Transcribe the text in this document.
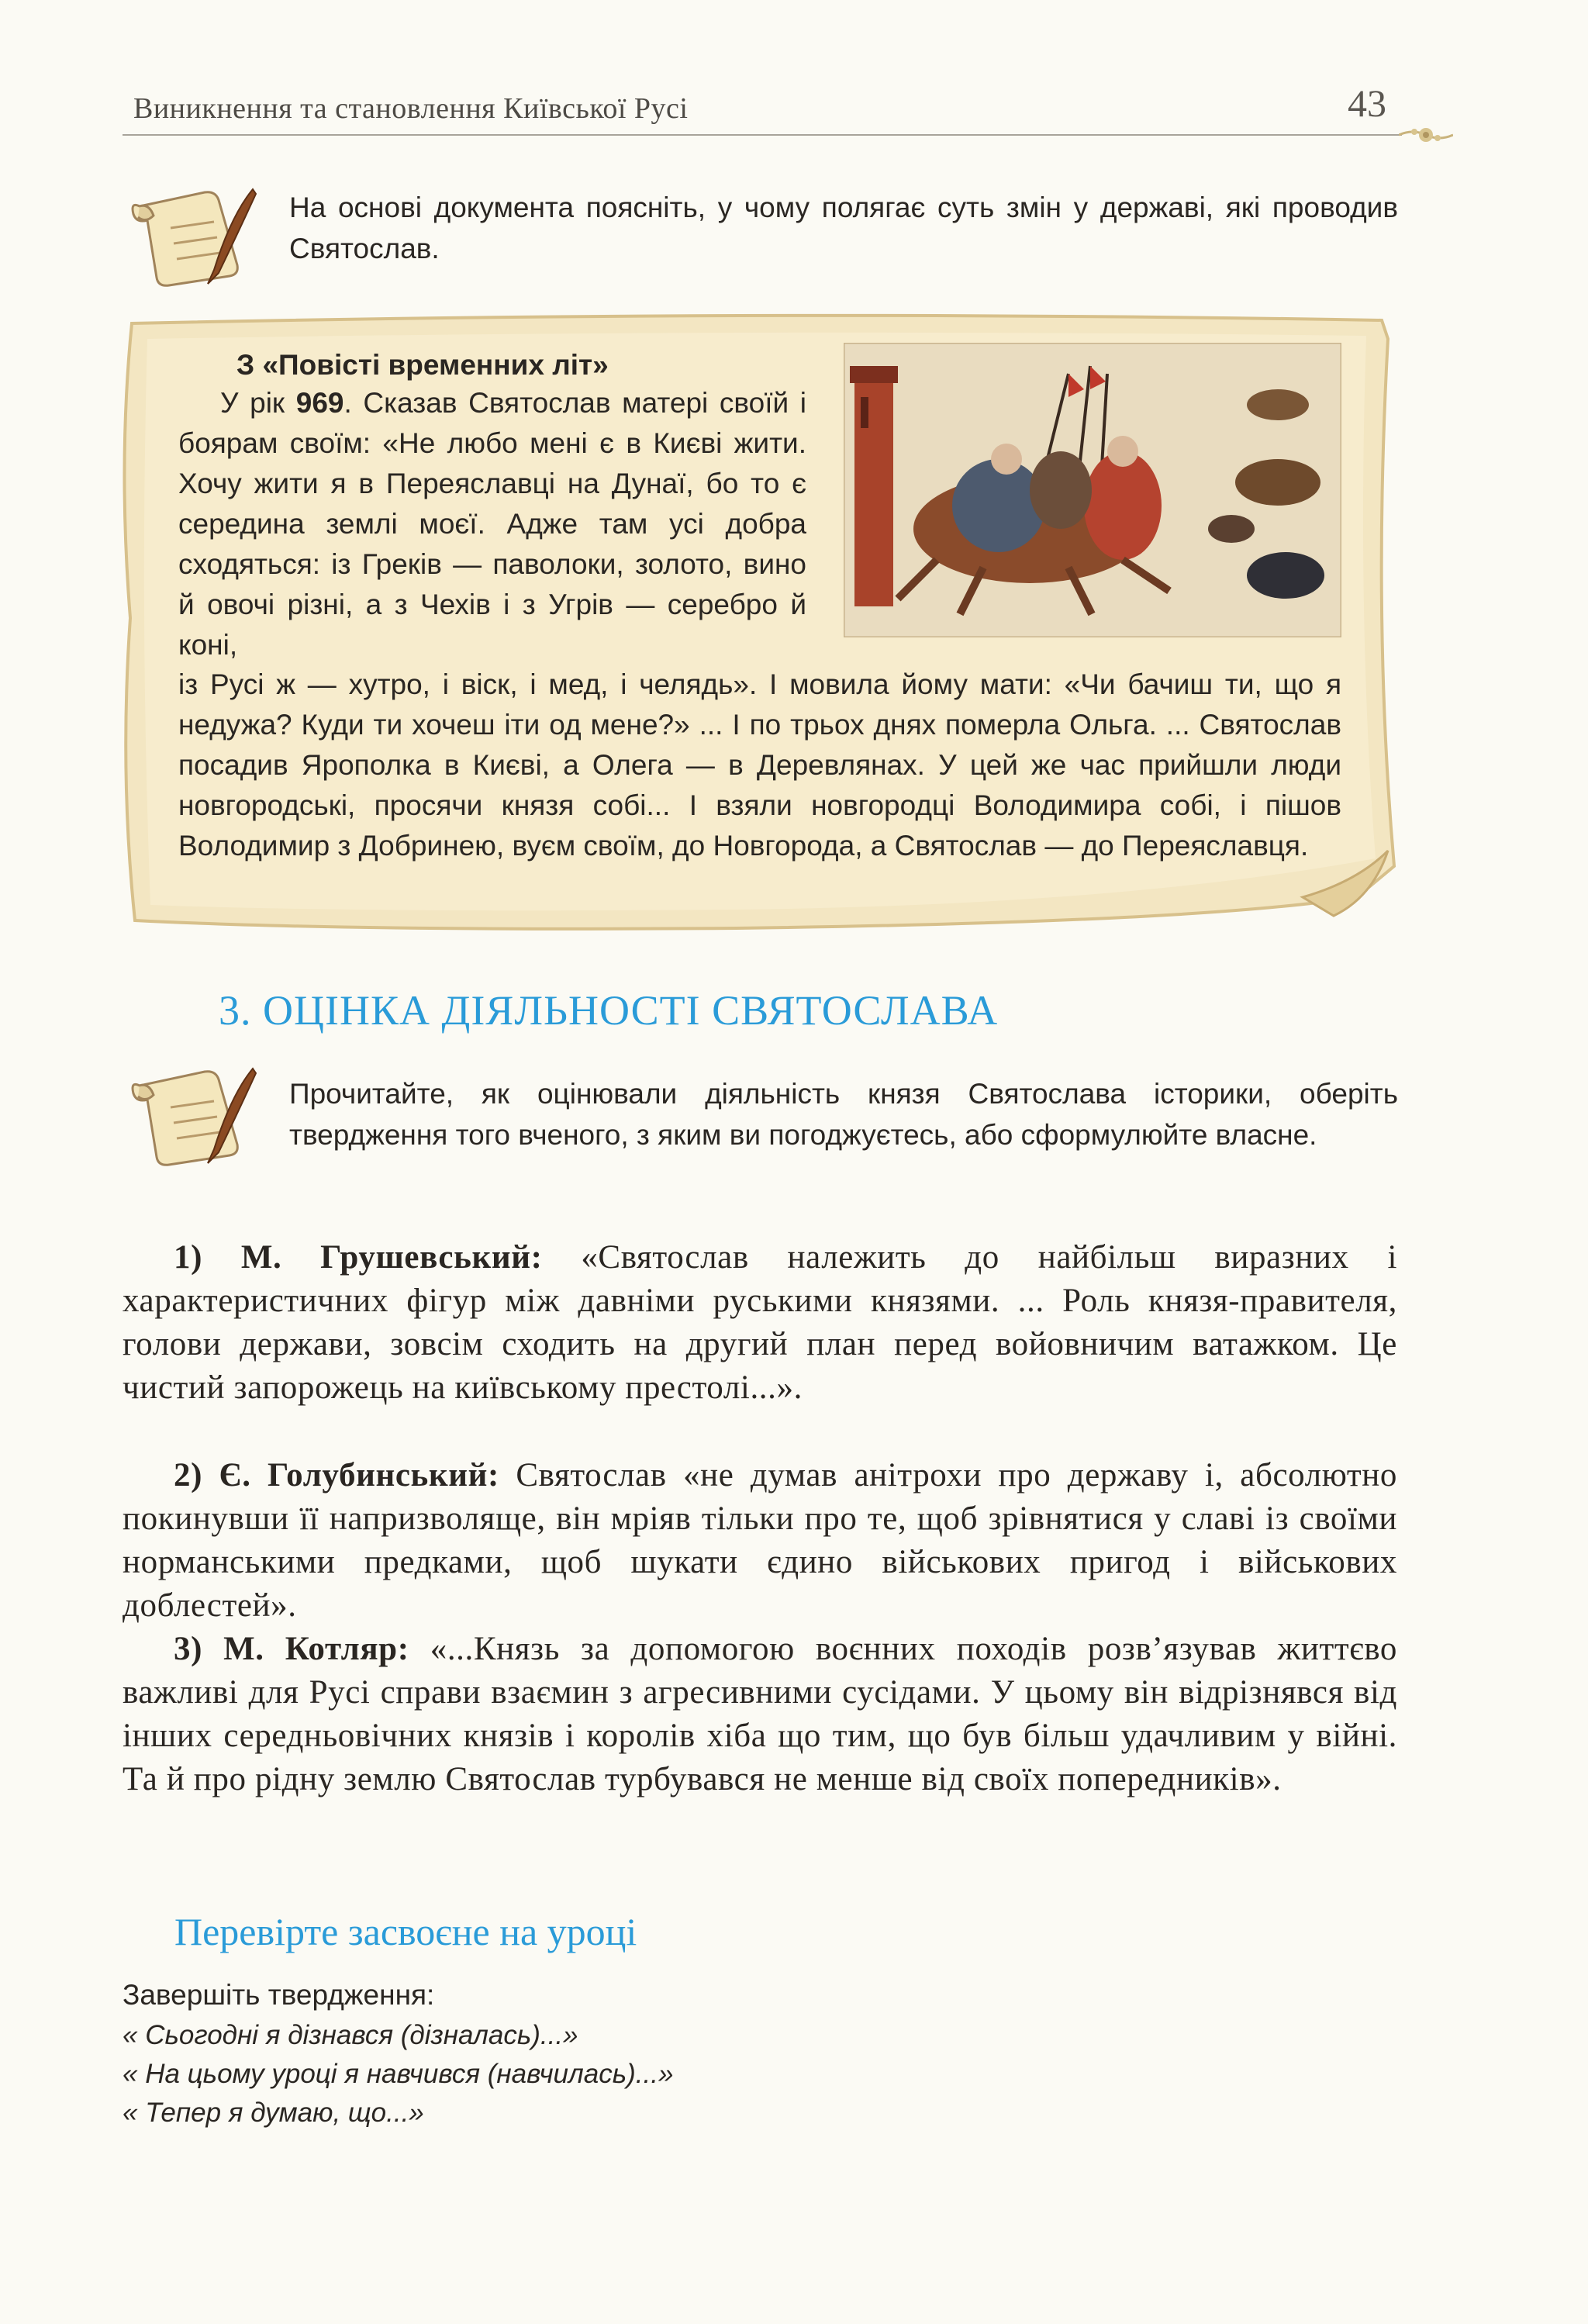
Виникнення та становлення Київської Русі	43
На основі документа поясніть, у чому полягає суть змін у державі, які проводив Святослав.
З «Повісті временних літ»
У рік 969. Сказав Святослав матері своїй і боярам своїм: «Не любо мені є в Києві жити. Хочу жити я в Переяславці на Дунаї, бо то є середина землі моєї. Адже там усі добра сходяться: із Греків — паволоки, золото, вино й овочі різні, а з Чехів і з Угрів — серебро й коні,
із Русі ж — хутро, і віск, і мед, і челядь». І мовила йому мати: «Чи бачиш ти, що я недужа? Куди ти хочеш іти од мене?» ... І по трьох днях померла Ольга. ... Святослав посадив Ярополка в Києві, а Олега — в Деревлянах. У цей же час прийшли люди новгородські, просячи князя собі... І взяли новгородці Володимира собі, і пішов Володимир з Добринею, вуєм своїм, до Новгорода, а Святослав — до Переяславця.
3. ОЦІНКА ДІЯЛЬНОСТІ СВЯТОСЛАВА
Прочитайте, як оцінювали діяльність князя Святослава історики, оберіть твердження того вченого, з яким ви погоджуєтесь, або сформулюйте власне.
1) М. Грушевський: «Святослав належить до найбільш виразних і характеристичних фігур між давніми руськими князями. ... Роль князя-правителя, голови держави, зовсім сходить на другий план перед войовничим ватажком. Це чистий запорожець на київському престолі...».
2) Є. Голубинський: Святослав «не думав анітрохи про державу і, абсолютно покинувши її напризволяще, він мріяв тільки про те, щоб зрівнятися у славі із своїми норманськими предками, щоб шукати єдино військових пригод і військових доблестей».
3) М. Котляр: «...Князь за допомогою воєнних походів розв’язував життєво важливі для Русі справи взаємин з агресивними сусідами. У цьому він відрізнявся від інших середньовічних князів і королів хіба що тим, що був більш удачливим у війні. Та й про рідну землю Святослав турбувався не менше від своїх попередників».
Перевірте засвоєне на уроці
Завершіть твердження:
« Сьогодні я дізнався (дізналась)...»
« На цьому уроці я навчився (навчилась)...»
« Тепер я думаю, що...»
